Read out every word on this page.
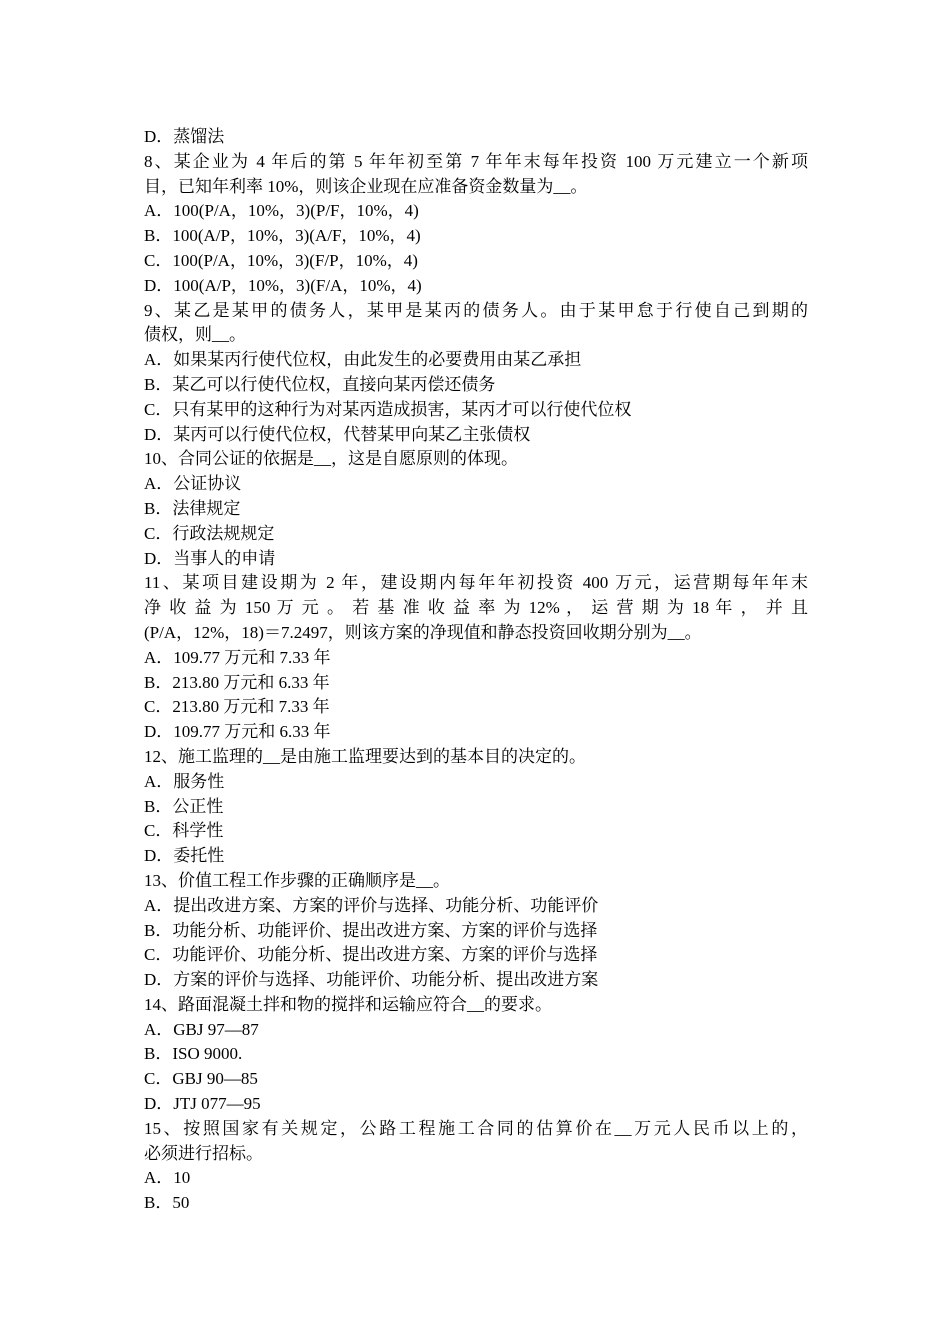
D．蒸馏法
8、某企业为 4 年后的第 5 年年初至第 7 年年末每年投资 100 万元建立一个新项
目，已知年利率 10%，则该企业现在应准备资金数量为__。
A．100(P/A，10%，3)(P/F，10%，4)
B．100(A/P，10%，3)(A/F，10%，4)
C．100(P/A，10%，3)(F/P，10%，4)
D．100(A/P，10%，3)(F/A，10%，4)
9、某乙是某甲的债务人，某甲是某丙的债务人。由于某甲怠于行使自己到期的
债权，则__。
A．如果某丙行使代位权，由此发生的必要费用由某乙承担
B．某乙可以行使代位权，直接向某丙偿还债务
C．只有某甲的这种行为对某丙造成损害，某丙才可以行使代位权
D．某丙可以行使代位权，代替某甲向某乙主张债权
10、合同公证的依据是__，这是自愿原则的体现。
A．公证协议
B．法律规定
C．行政法规规定
D．当事人的申请
11、某项目建设期为 2 年，建设期内每年年初投资 400 万元，运营期每年年末
净 收 益 为 150 万 元 。 若 基 准 收 益 率 为 12% ， 运 营 期 为 18 年 ， 并 且
(P/A，12%，18)＝7.2497，则该方案的净现值和静态投资回收期分别为__。
A．109.77 万元和 7.33 年
B．213.80 万元和 6.33 年
C．213.80 万元和 7.33 年
D．109.77 万元和 6.33 年
12、施工监理的__是由施工监理要达到的基本目的决定的。
A．服务性
B．公正性
C．科学性
D．委托性
13、价值工程工作步骤的正确顺序是__。
A．提出改进方案、方案的评价与选择、功能分析、功能评价
B．功能分析、功能评价、提出改进方案、方案的评价与选择
C．功能评价、功能分析、提出改进方案、方案的评价与选择
D．方案的评价与选择、功能评价、功能分析、提出改进方案
14、路面混凝土拌和物的搅拌和运输应符合__的要求。
A．GBJ 97—87
B．ISO 9000.
C．GBJ 90—85
D．JTJ 077—95
15、按照国家有关规定，公路工程施工合同的估算价在__万元人民币以上的，
必须进行招标。
A．10
B．50
